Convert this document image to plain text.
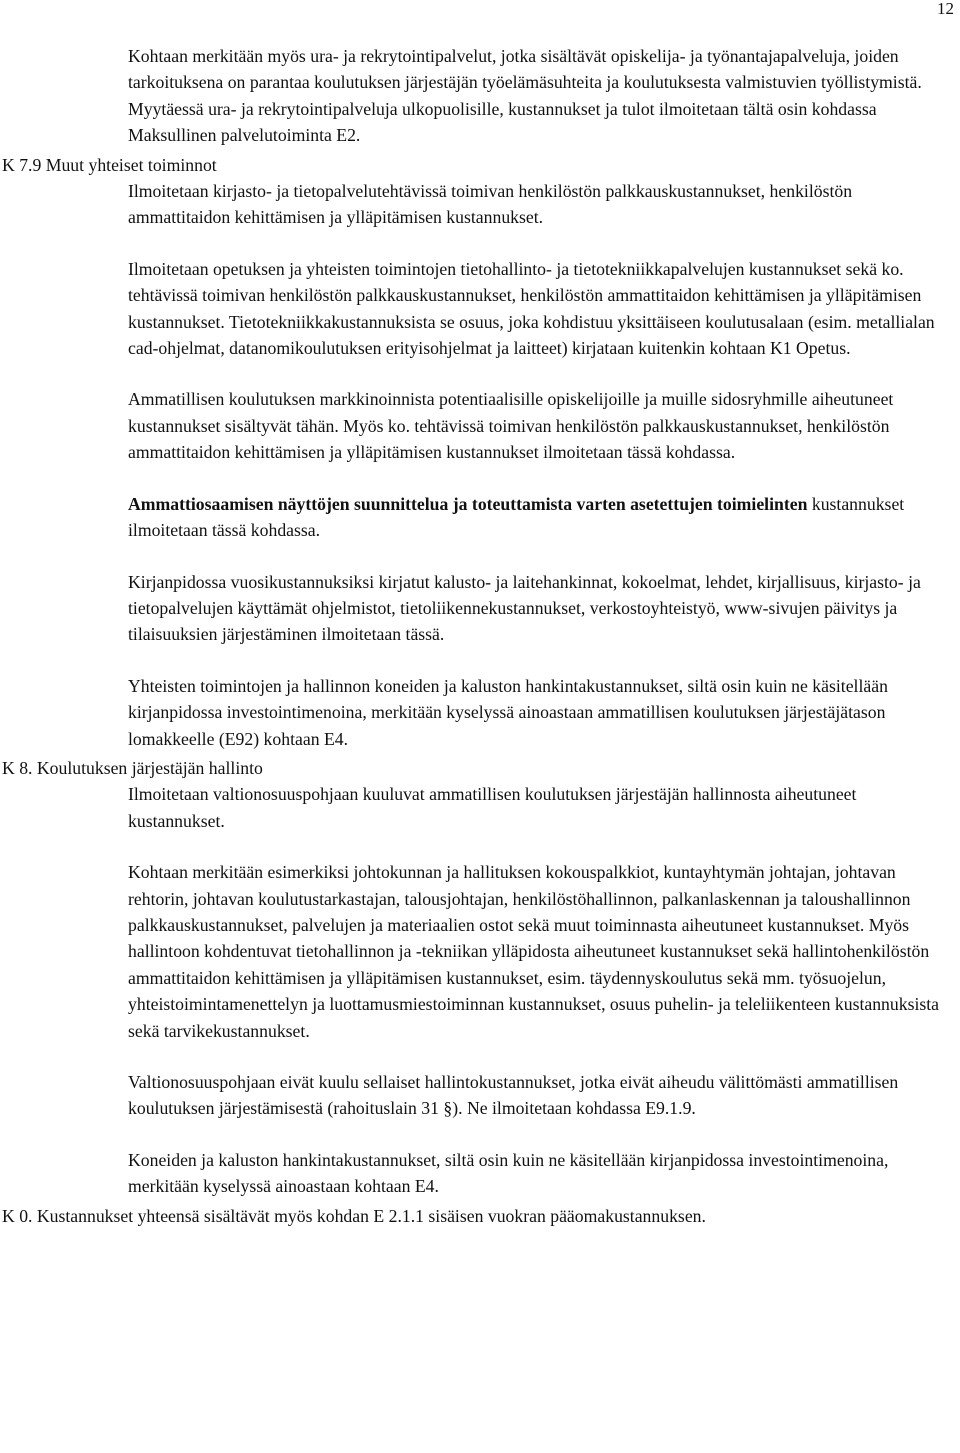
12

Kohtaan merkitään myös ura- ja rekrytointipalvelut, jotka sisältävät opiskelija- ja työnantajapalveluja, joiden tarkoituksena on parantaa koulutuksen järjestäjän työelämäsuhteita ja koulutuksesta valmistuvien työllistymistä. Myytäessä ura- ja rekrytointipalveluja ulkopuolisille, kustannukset ja tulot ilmoitetaan tältä osin kohdassa Maksullinen palvelutoiminta E2.

K 7.9 Muut yhteiset toiminnot

Ilmoitetaan kirjasto- ja tietopalvelutehtävissä toimivan henkilöstön palkkauskustannukset, henkilöstön ammattitaidon kehittämisen ja ylläpitämisen kustannukset.

Ilmoitetaan opetuksen ja yhteisten toimintojen tietohallinto- ja tietotekniikkapalvelujen kustannukset sekä ko. tehtävissä toimivan henkilöstön palkkauskustannukset, henkilöstön ammattitaidon kehittämisen ja ylläpitämisen kustannukset. Tietotekniikkakustannuksista se osuus, joka kohdistuu yksittäiseen koulutusalaan (esim. metallialan cad-ohjelmat, datanomikoulutuksen erityisohjelmat ja laitteet) kirjataan kuitenkin kohtaan K1 Opetus.

Ammatillisen koulutuksen markkinoinnista potentiaalisille opiskelijoille ja muille sidosryhmille aiheutuneet kustannukset sisältyvät tähän. Myös ko. tehtävissä toimivan henkilöstön palkkauskustannukset, henkilöstön ammattitaidon kehittämisen ja ylläpitämisen kustannukset ilmoitetaan tässä kohdassa.

Ammattiosaamisen näyttöjen suunnittelua ja toteuttamista varten asetettujen toimielinten kustannukset ilmoitetaan tässä kohdassa.

Kirjanpidossa vuosikustannuksiksi kirjatut kalusto- ja laitehankinnat, kokoelmat, lehdet, kirjallisuus, kirjasto- ja tietopalvelujen käyttämät ohjelmistot, tietoliikennekustannukset, verkostoyhteistyö, www-sivujen päivitys ja tilaisuuksien järjestäminen ilmoitetaan tässä.

Yhteisten toimintojen ja hallinnon koneiden ja kaluston hankintakustannukset, siltä osin kuin ne käsitellään kirjanpidossa investointimenoina, merkitään kyselyssä ainoastaan ammatillisen koulutuksen järjestäjätason lomakkeelle (E92) kohtaan E4.

K 8. Koulutuksen järjestäjän hallinto

Ilmoitetaan valtionosuuspohjaan kuuluvat ammatillisen koulutuksen järjestäjän hallinnosta aiheutuneet kustannukset.

Kohtaan merkitään esimerkiksi johtokunnan ja hallituksen kokouspalkkiot, kuntayhtymän johtajan, johtavan rehtorin, johtavan koulutustarkastajan, talousjohtajan, henkilöstöhallinnon, palkanlaskennan ja taloushallinnon palkkauskustannukset, palvelujen ja materiaalien ostot sekä muut toiminnasta aiheutuneet kustannukset. Myös hallintoon kohdentuvat tietohallinnon ja -tekniikan ylläpidosta aiheutuneet kustannukset sekä hallintohenkilöstön ammattitaidon kehittämisen ja ylläpitämisen kustannukset, esim. täydennyskoulutus sekä mm. työsuojelun, yhteistoimintamenettelyn ja luottamusmiestoiminnan kustannukset, osuus puhelin- ja teleliikenteen kustannuksista sekä tarvikekustannukset.

Valtionosuuspohjaan eivät kuulu sellaiset hallintokustannukset, jotka eivät aiheudu välittömästi ammatillisen koulutuksen järjestämisestä (rahoituslain 31 §). Ne ilmoitetaan kohdassa E9.1.9.

Koneiden ja kaluston hankintakustannukset, siltä osin kuin ne käsitellään kirjanpidossa investointimenoina, merkitään kyselyssä ainoastaan kohtaan E4.

K 0. Kustannukset yhteensä sisältävät myös kohdan E 2.1.1 sisäisen vuokran pääomakustannuksen.
